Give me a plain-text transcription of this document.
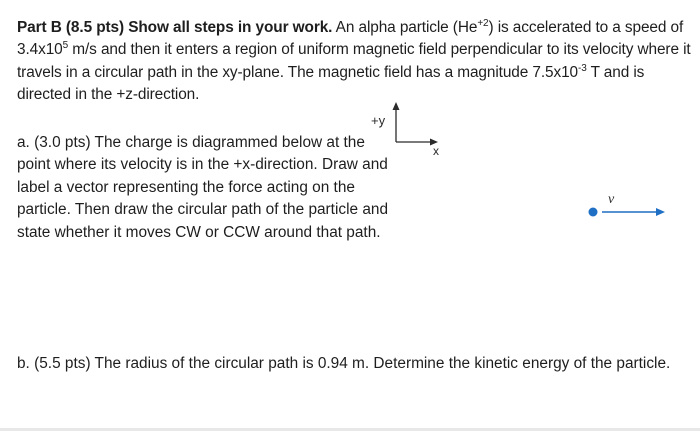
Part B (8.5 pts) Show all steps in your work. An alpha particle $(He^{+2})$ is accelerated to a speed of $3.4x10^5$ m/s and then it enters a region of uniform magnetic field perpendicular to its velocity where it travels in a circular path in the xy-plane. The magnetic field has a magnitude $7.5x10^{-3}$ T and is directed in the +z-direction.
a. (3.0 pts) The charge is diagrammed below at the point where its velocity is in the +x-direction. Draw and label a vector representing the force acting on the particle. Then draw the circular path of the particle and state whether it moves CW or CCW around that path.
+y
x
v⃗
b. (5.5 pts) The radius of the circular path is 0.94 m. Determine the kinetic energy of the particle.
